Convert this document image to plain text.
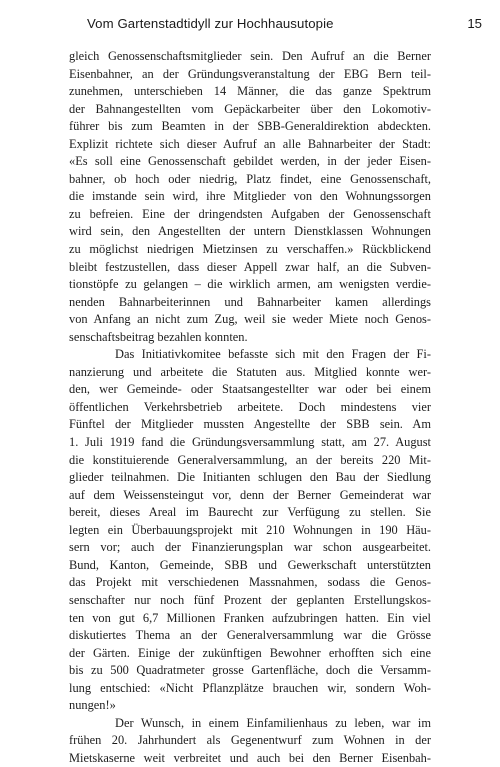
Vom Gartenstadtidyll zur Hochhausutopie	15
gleich Genossenschaftsmitglieder sein. Den Aufruf an die Berner
Eisenbahner, an der Gründungsveranstaltung der EBG Bern teil-
zunehmen, unterschieben 14 Männer, die das ganze Spektrum
der Bahnangestellten vom Gepäckarbeiter über den Lokomotiv-
führer bis zum Beamten in der SBB-Generaldirektion abdeckten.
Explizit richtete sich dieser Aufruf an alle Bahnarbeiter der Stadt:
«Es soll eine Genossenschaft gebildet werden, in der jeder Eisen-
bahner, ob hoch oder niedrig, Platz findet, eine Genossenschaft,
die imstande sein wird, ihre Mitglieder von den Wohnungssorgen
zu befreien. Eine der dringendsten Aufgaben der Genossenschaft
wird sein, den Angestellten der untern Dienstklassen Wohnungen
zu möglichst niedrigen Mietzinsen zu verschaffen.» Rückblickend
bleibt festzustellen, dass dieser Appell zwar half, an die Subven-
tionstöpfe zu gelangen – die wirklich armen, am wenigsten verdie-
nenden Bahnarbeiterinnen und Bahnarbeiter kamen allerdings
von Anfang an nicht zum Zug, weil sie weder Miete noch Genos-
senschaftsbeitrag bezahlen konnten.
Das Initiativkomitee befasste sich mit den Fragen der Fi-
nanzierung und arbeitete die Statuten aus. Mitglied konnte wer-
den, wer Gemeinde- oder Staatsangestellter war oder bei einem
öffentlichen Verkehrsbetrieb arbeitete. Doch mindestens vier
Fünftel der Mitglieder mussten Angestellte der SBB sein. Am
1. Juli 1919 fand die Gründungsversammlung statt, am 27. August
die konstituierende Generalversammlung, an der bereits 220 Mit-
glieder teilnahmen. Die Initianten schlugen den Bau der Siedlung
auf dem Weissensteingut vor, denn der Berner Gemeinderat war
bereit, dieses Areal im Baurecht zur Verfügung zu stellen. Sie
legten ein Überbauungsprojekt mit 210 Wohnungen in 190 Häu-
sern vor; auch der Finanzierungsplan war schon ausgearbeitet.
Bund, Kanton, Gemeinde, SBB und Gewerkschaft unterstützten
das Projekt mit verschiedenen Massnahmen, sodass die Genos-
senschafter nur noch fünf Prozent der geplanten Erstellungskos-
ten von gut 6,7 Millionen Franken aufzubringen hatten. Ein viel
diskutiertes Thema an der Generalversammlung war die Grösse
der Gärten. Einige der zukünftigen Bewohner erhofften sich eine
bis zu 500 Quadratmeter grosse Gartenfläche, doch die Versamm-
lung entschied: «Nicht Pflanzplätze brauchen wir, sondern Woh-
nungen!»
Der Wunsch, in einem Einfamilienhaus zu leben, war im
frühen 20. Jahrhundert als Gegenentwurf zum Wohnen in der
Mietskaserne weit verbreitet und auch bei den Berner Eisenbah-
